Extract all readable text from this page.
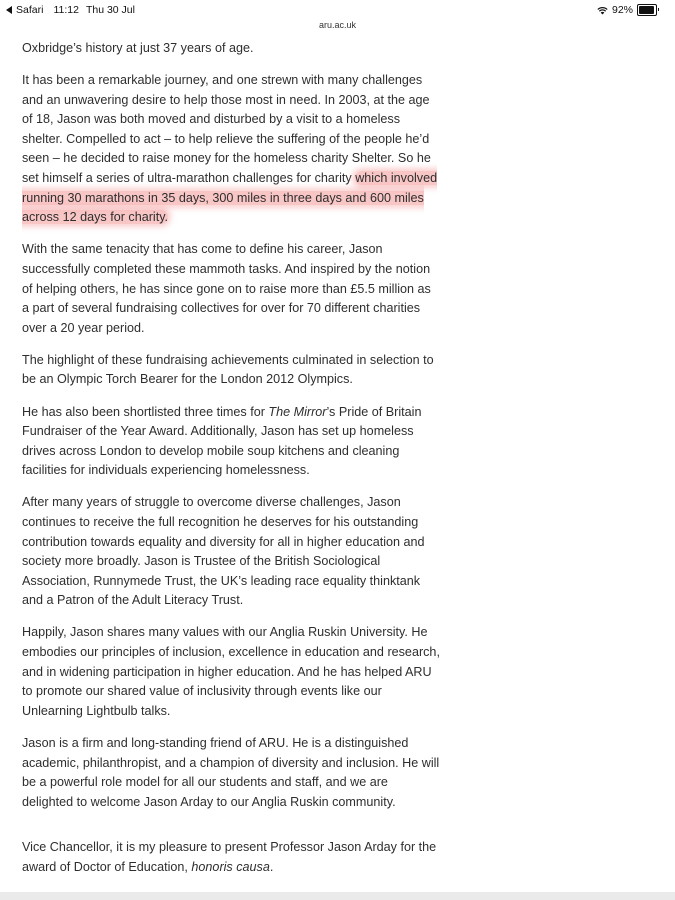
Safari 11:12 Thu 30 Jul	92%
aru.ac.uk

Oxbridge’s history at just 37 years of age.

It has been a remarkable journey, and one strewn with many challenges and an unwavering desire to help those most in need. In 2003, at the age of 18, Jason was both moved and disturbed by a visit to a homeless shelter. Compelled to act – to help relieve the suffering of the people he’d seen – he decided to raise money for the homeless charity Shelter. So he set himself a series of ultra-marathon challenges for charity which involved running 30 marathons in 35 days, 300 miles in three days and 600 miles across 12 days for charity.

With the same tenacity that has come to define his career, Jason successfully completed these mammoth tasks. And inspired by the notion of helping others, he has since gone on to raise more than £5.5 million as a part of several fundraising collectives for over for 70 different charities over a 20 year period.

The highlight of these fundraising achievements culminated in selection to be an Olympic Torch Bearer for the London 2012 Olympics.

He has also been shortlisted three times for The Mirror’s Pride of Britain Fundraiser of the Year Award. Additionally, Jason has set up homeless drives across London to develop mobile soup kitchens and cleaning facilities for individuals experiencing homelessness.

After many years of struggle to overcome diverse challenges, Jason continues to receive the full recognition he deserves for his outstanding contribution towards equality and diversity for all in higher education and society more broadly. Jason is Trustee of the British Sociological Association, Runnymede Trust, the UK’s leading race equality thinktank and a Patron of the Adult Literacy Trust.

Happily, Jason shares many values with our Anglia Ruskin University. He embodies our principles of inclusion, excellence in education and research, and in widening participation in higher education. And he has helped ARU to promote our shared value of inclusivity through events like our Unlearning Lightbulb talks.

Jason is a firm and long-standing friend of ARU. He is a distinguished academic, philanthropist, and a champion of diversity and inclusion. He will be a powerful role model for all our students and staff, and we are delighted to welcome Jason Arday to our Anglia Ruskin community.

Vice Chancellor, it is my pleasure to present Professor Jason Arday for the award of Doctor of Education, honoris causa.
